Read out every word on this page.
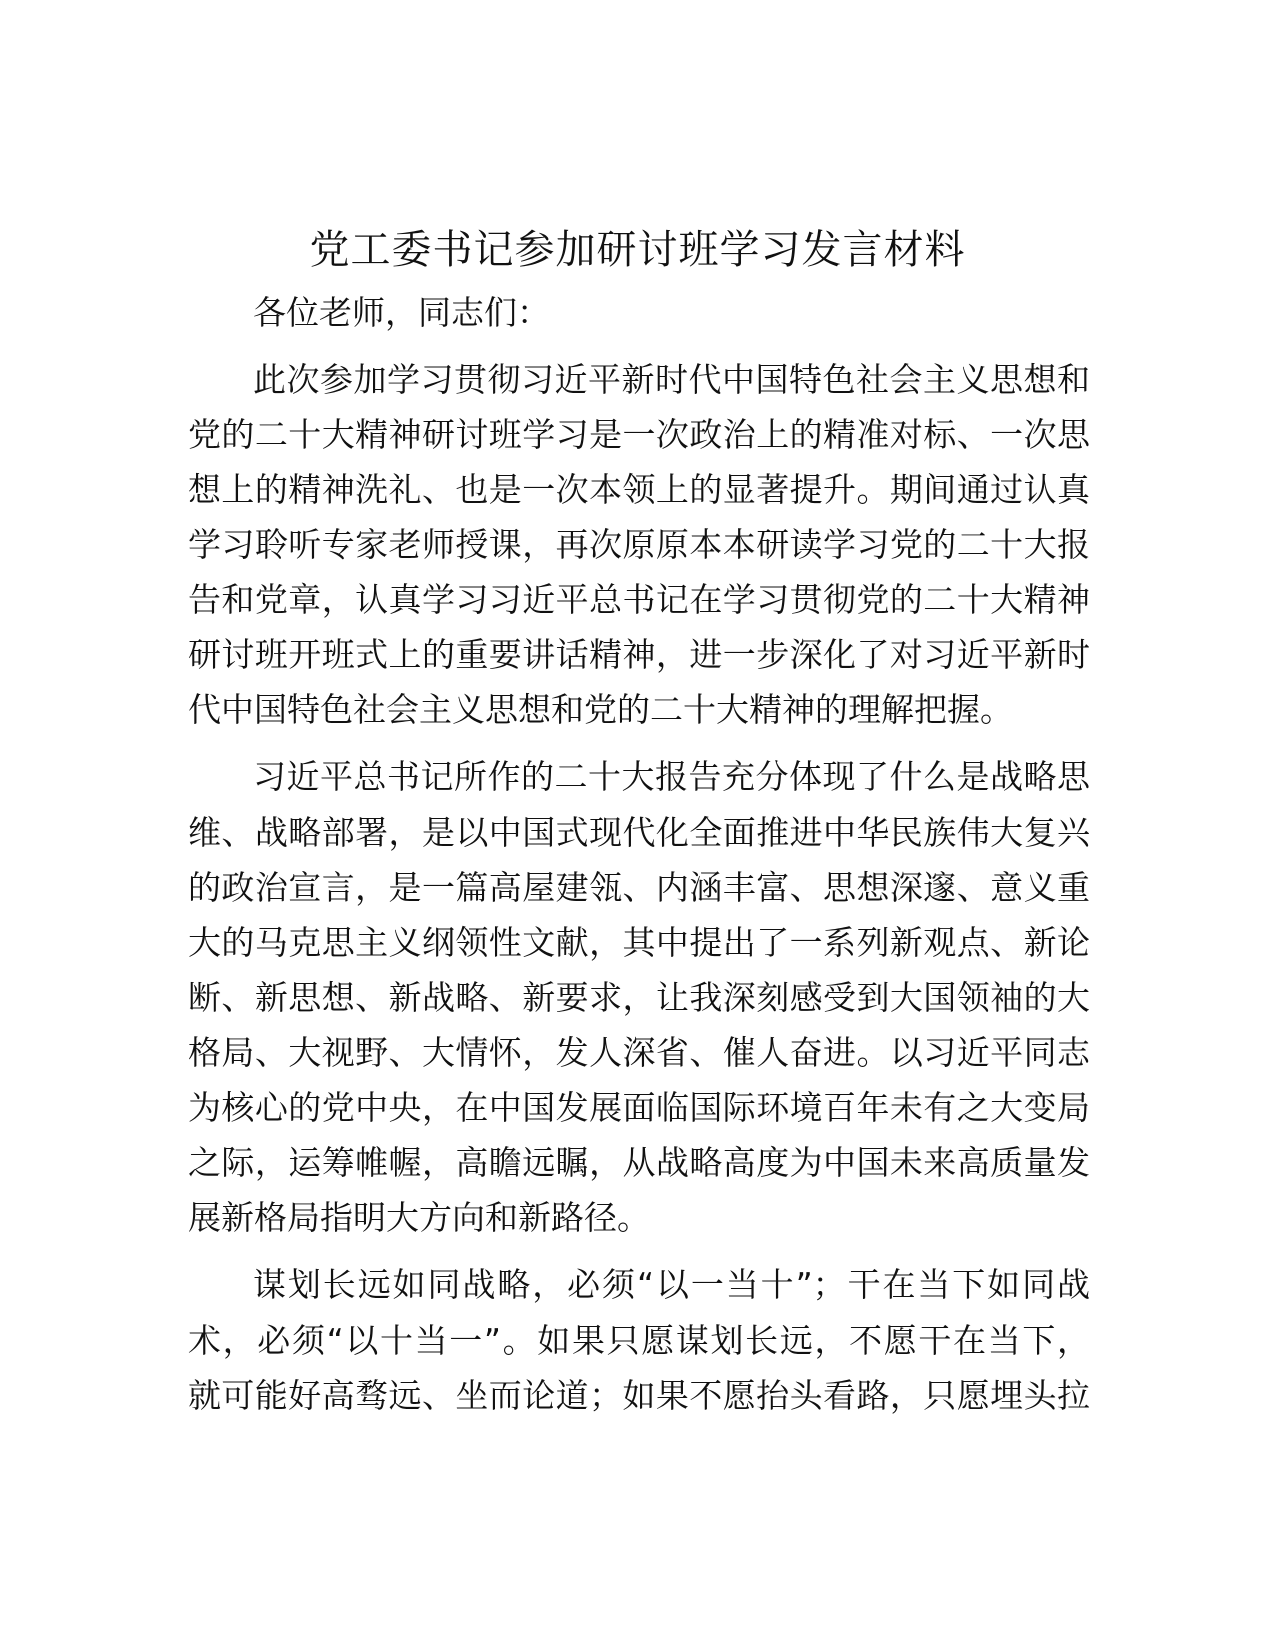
党工委书记参加研讨班学习发言材料
各位老师，同志们：
此次参加学习贯彻习近平新时代中国特色社会主义思想和
党的二十大精神研讨班学习是一次政治上的精准对标、一次思
想上的精神洗礼、也是一次本领上的显著提升。期间通过认真
学习聆听专家老师授课，再次原原本本研读学习党的二十大报
告和党章，认真学习习近平总书记在学习贯彻党的二十大精神
研讨班开班式上的重要讲话精神，进一步深化了对习近平新时
代中国特色社会主义思想和党的二十大精神的理解把握。
习近平总书记所作的二十大报告充分体现了什么是战略思
维、战略部署，是以中国式现代化全面推进中华民族伟大复兴
的政治宣言，是一篇高屋建瓴、内涵丰富、思想深邃、意义重
大的马克思主义纲领性文献，其中提出了一系列新观点、新论
断、新思想、新战略、新要求，让我深刻感受到大国领袖的大
格局、大视野、大情怀，发人深省、催人奋进。以习近平同志
为核心的党中央，在中国发展面临国际环境百年未有之大变局
之际，运筹帷幄，高瞻远瞩，从战略高度为中国未来高质量发
展新格局指明大方向和新路径。
谋划长远如同战略，必须“以一当十”；干在当下如同战
术，必须“以十当一”。如果只愿谋划长远，不愿干在当下，
就可能好高骛远、坐而论道；如果不愿抬头看路，只愿埋头拉
